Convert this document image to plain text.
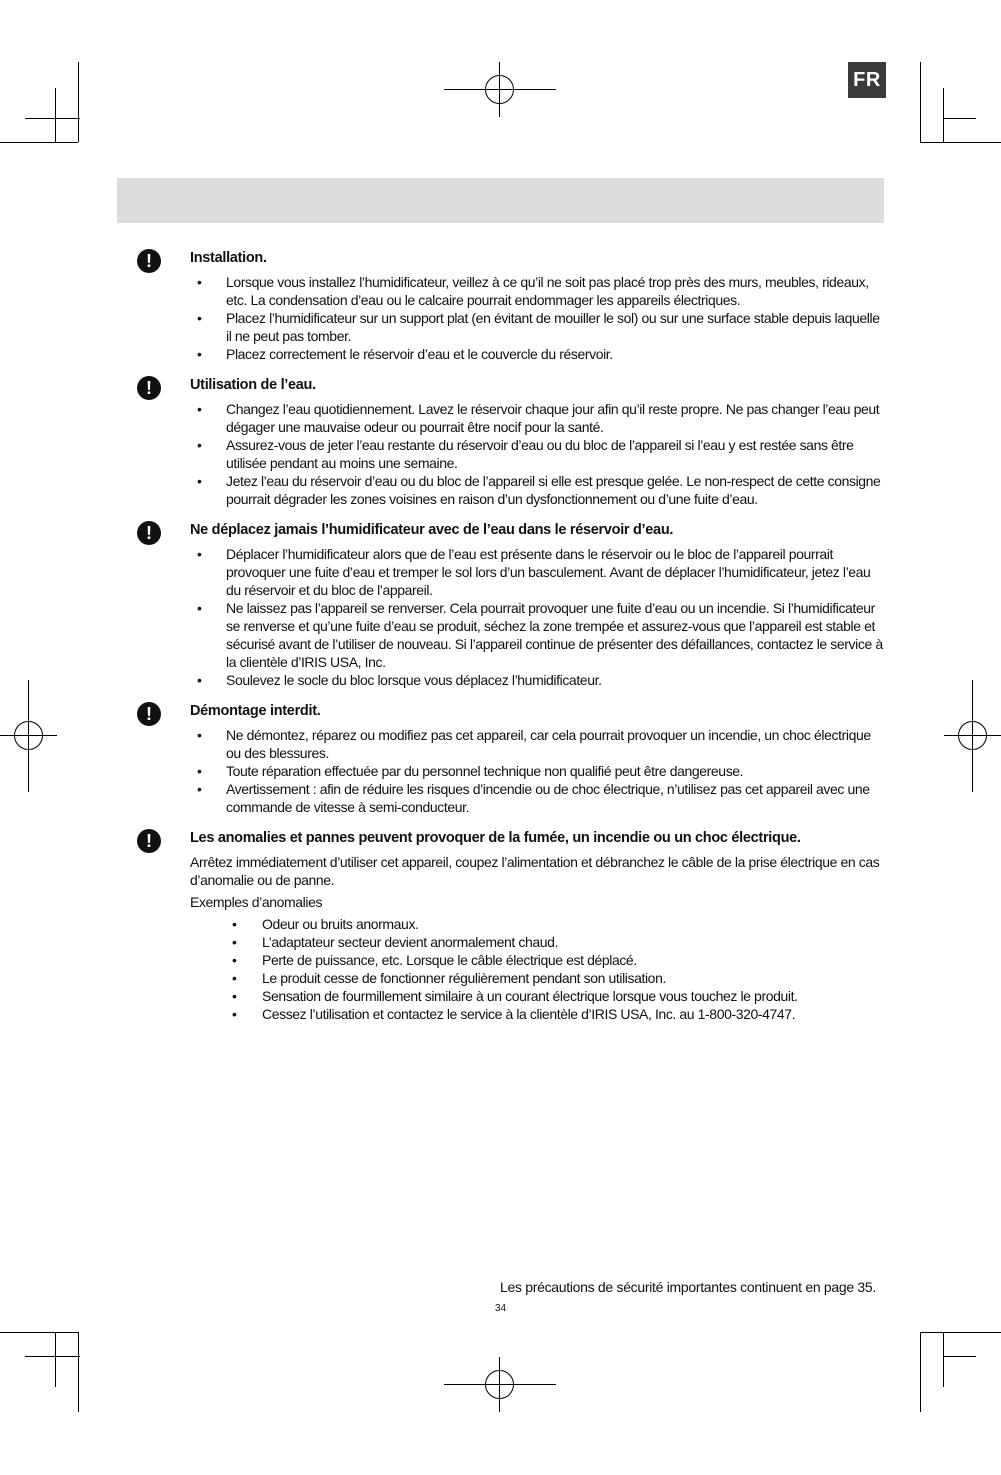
FR
!	Installation.

• Lorsque vous installez l’humidificateur, veillez à ce qu’il ne soit pas placé trop près des murs, meubles, rideaux, etc. La condensation d’eau ou le calcaire pourrait endommager les appareils électriques.
• Placez l’humidificateur sur un support plat (en évitant de mouiller le sol) ou sur une surface stable depuis laquelle il ne peut pas tomber.
• Placez correctement le réservoir d’eau et le couvercle du réservoir.
!	Utilisation de l’eau.

• Changez l’eau quotidiennement. Lavez le réservoir chaque jour afin qu’il reste propre. Ne pas changer l’eau peut dégager une mauvaise odeur ou pourrait être nocif pour la santé.
• Assurez-vous de jeter l’eau restante du réservoir d’eau ou du bloc de l’appareil si l’eau y est restée sans être utilisée pendant au moins une semaine.
• Jetez l’eau du réservoir d’eau ou du bloc de l’appareil si elle est presque gelée. Le non-respect de cette consigne pourrait dégrader les zones voisines en raison d’un dysfonctionnement ou d’une fuite d’eau.
!	Ne déplacez jamais l’humidificateur avec de l’eau dans le réservoir d’eau.

• Déplacer l’humidificateur alors que de l’eau est présente dans le réservoir ou le bloc de l’appareil pourrait provoquer une fuite d’eau et tremper le sol lors d’un basculement. Avant de déplacer l’humidificateur, jetez l’eau du réservoir et du bloc de l’appareil.
• Ne laissez pas l’appareil se renverser. Cela pourrait provoquer une fuite d’eau ou un incendie. Si l’humidificateur se renverse et qu’une fuite d’eau se produit, séchez la zone trempée et assurez-vous que l’appareil est stable et sécurisé avant de l’utiliser de nouveau. Si l’appareil continue de présenter des défaillances, contactez le service à la clientèle d’IRIS USA, Inc.
• Soulevez le socle du bloc lorsque vous déplacez l’humidificateur.
!	Démontage interdit.

• Ne démontez, réparez ou modifiez pas cet appareil, car cela pourrait provoquer un incendie, un choc électrique ou des blessures.
• Toute réparation effectuée par du personnel technique non qualifié peut être dangereuse.
• Avertissement : afin de réduire les risques d’incendie ou de choc électrique, n’utilisez pas cet appareil avec une commande de vitesse à semi-conducteur.
!	Les anomalies et pannes peuvent provoquer de la fumée, un incendie ou un choc électrique.

Arrêtez immédiatement d’utiliser cet appareil, coupez l’alimentation et débranchez le câble de la prise électrique en cas d’anomalie ou de panne.

Exemples d’anomalies

• Odeur ou bruits anormaux.
• L’adaptateur secteur devient anormalement chaud.
• Perte de puissance, etc. Lorsque le câble électrique est déplacé.
• Le produit cesse de fonctionner régulièrement pendant son utilisation.
• Sensation de fourmillement similaire à un courant électrique lorsque vous touchez le produit.
• Cessez l’utilisation et contactez le service à la clientèle d’IRIS USA, Inc. au 1-800-320-4747.
Les précautions de sécurité importantes continuent en page 35.
34
